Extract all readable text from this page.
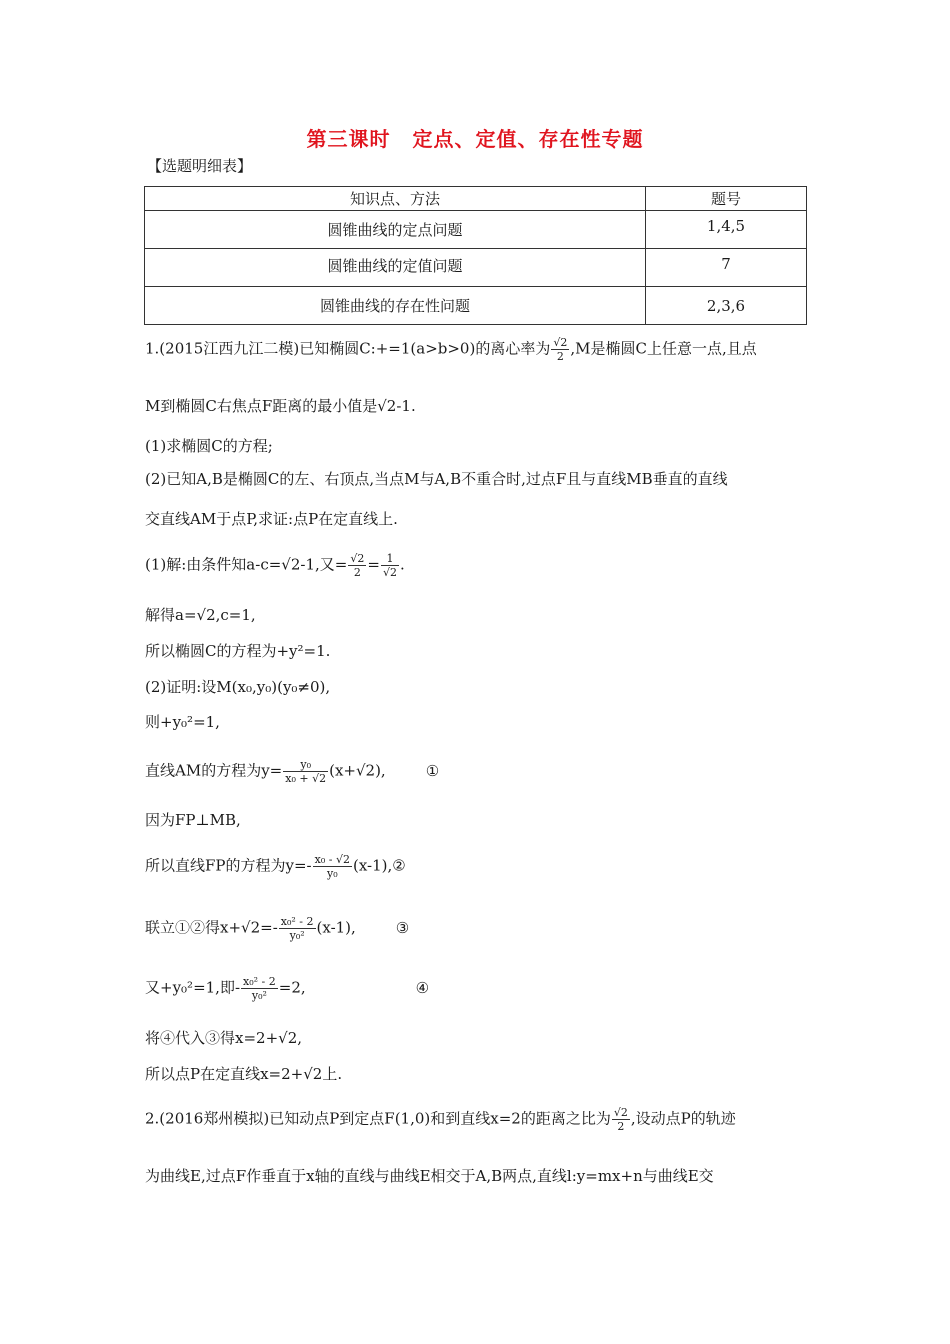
第三课时 定点、定值、存在性专题
【选题明细表】
知识点、方法	题号
圆锥曲线的定点问题	1,4,5
圆锥曲线的定值问题	7
圆锥曲线的存在性问题	2,3,6
1.(2015江西九江二模)已知椭圆C:+=1(a>b>0)的离心率为 $\frac{√2}{2} ,M$是椭圆C上任意一点,且点
M到椭圆C右焦点F距离的最小值是√2-1.
(1)求椭圆C的方程;
(2)已知A,B是椭圆C的左、右顶点,当点M与A,B不重合时,过点F且与直线MB垂直的直线
交直线AM于点P,求证:点P在定直线上.
(1)解:由条件知a-c=√2-1,又= $\frac{√2}{2} = \frac{1}{√2}$ .
解得a=√2,c=1,
所以椭圆C的方程为+y²=1.
(2)证明:设M(x₀,y₀)(y₀≠0),
则+y₀²=1,
直线AM的方程为$y= \frac{\text{y₀}}{\text{x₀ + √2}} (x+√2)$,	①
因为FP⊥MB,
所以直线FP的方程为$y=- \frac{\text{x₀ - √2}}{\text{y₀}}$ (x-1),②
联立①②得$x+√2=- \frac{\text{x₀² - 2}}{\text{y₀²}} (x-1)$,	③
又+y₀²=1,即- $\frac{\text{x₀² - 2}}{\text{y₀²}} =2$,	④
将④代入③得x=2+√2,
所以点P在定直线x=2+√2上.
2.(2016郑州模拟)已知动点P到定点F(1,0)和到直线x=2的距离之比为 $\frac{√2}{2}$ ,设动点P的轨迹
为曲线E,过点F作垂直于x轴的直线与曲线E相交于A,B两点,直线l:y=mx+n与曲线E交
